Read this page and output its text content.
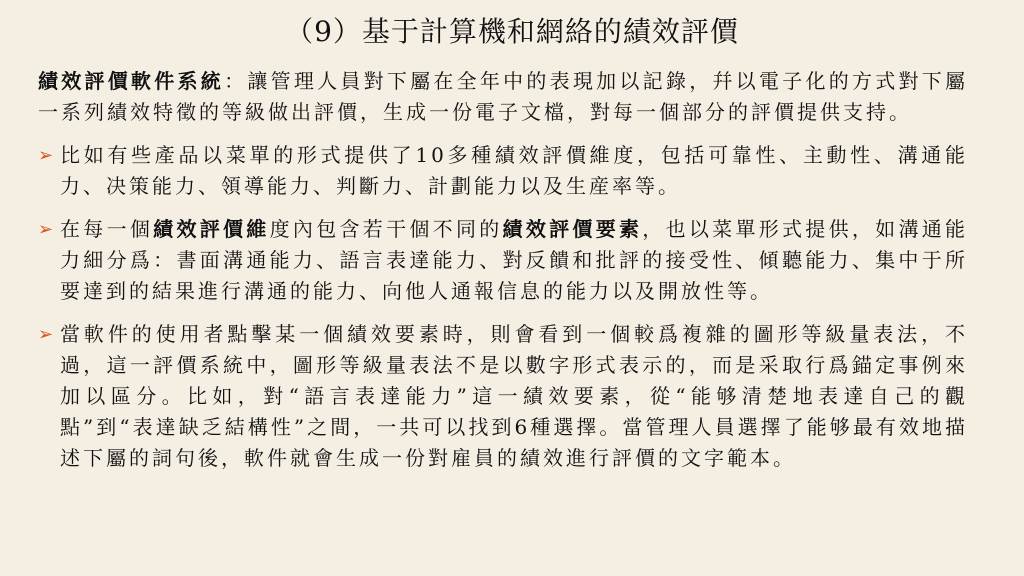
（9）基于計算機和網絡的績效評價
績效評價軟件系統：讓管理人員對下屬在全年中的表現加以記錄，幷以電子化的方式對下屬一系列績效特徵的等級做出評價，生成一份電子文檔，對每一個部分的評價提供支持。
➢ 比如有些產品以菜單的形式提供了10多種績效評價維度，包括可靠性、主動性、溝通能力、决策能力、領導能力、判斷力、計劃能力以及生産率等。
➢ 在每一個績效評價維度內包含若干個不同的績效評價要素，也以菜單形式提供，如溝通能力細分爲：書面溝通能力、語言表達能力、對反饋和批評的接受性、傾聽能力、集中于所要達到的結果進行溝通的能力、向他人通報信息的能力以及開放性等。
➢ 當軟件的使用者點擊某一個績效要素時，則會看到一個較爲複雜的圖形等級量表法，不過，這一評價系統中，圖形等級量表法不是以數字形式表示的，而是采取行爲錨定事例來加以區分。比如，對“語言表達能力”這一績效要素，從“能够清楚地表達自己的觀點”到“表達缺乏結構性”之間，一共可以找到6種選擇。當管理人員選擇了能够最有效地描述下屬的詞句後，軟件就會生成一份對雇員的績效進行評價的文字範本。
